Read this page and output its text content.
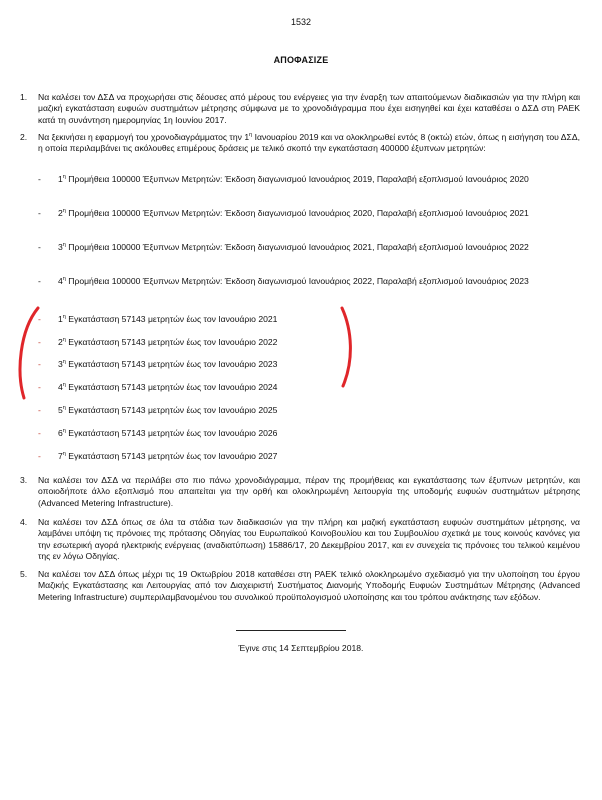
1532
ΑΠΟΦΑΣΙΖΕ
1. Να καλέσει τον ΔΣΔ να προχωρήσει στις δέουσες από μέρους του ενέργειες για την έναρξη των απαιτούμενων διαδικασιών για την πλήρη και μαζική εγκατάσταση ευφυών συστημάτων μέτρησης σύμφωνα με το χρονοδιάγραμμα που έχει εισηγηθεί και έχει καταθέσει ο ΔΣΔ στη ΡΑΕΚ κατά τη συνάντηση ημερομηνίας 1η Ιουνίου 2017.
2. Να ξεκινήσει η εφαρμογή του χρονοδιαγράμματος την $1^\eta$ Ιανουαρίου 2019 και να ολοκληρωθεί εντός 8 (οκτώ) ετών, όπως η εισήγηση του ΔΣΔ, η οποία περιλαμβάνει τις ακόλουθες επιμέρους δράσεις με τελικό σκοπό την εγκατάσταση 400000 έξυπνων μετρητών:
- $1^\eta$ Προμήθεια 100000 Έξυπνων Μετρητών: Έκδοση διαγωνισμού Ιανουάριος 2019, Παραλαβή εξοπλισμού Ιανουάριος 2020
- $2^\eta$ Προμήθεια 100000 Έξυπνων Μετρητών: Έκδοση διαγωνισμού Ιανουάριος 2020, Παραλαβή εξοπλισμού Ιανουάριος 2021
- $3^\eta$ Προμήθεια 100000 Έξυπνων Μετρητών: Έκδοση διαγωνισμού Ιανουάριος 2021, Παραλαβή εξοπλισμού Ιανουάριος 2022
- $4^\eta$ Προμήθεια 100000 Έξυπνων Μετρητών: Έκδοση διαγωνισμού Ιανουάριος 2022, Παραλαβή εξοπλισμού Ιανουάριος 2023
- $1^\eta$ Εγκατάσταση 57143 μετρητών έως τον Ιανουάριο 2021
- $2^\eta$ Εγκατάσταση 57143 μετρητών έως τον Ιανουάριο 2022
- $3^\eta$ Εγκατάσταση 57143 μετρητών έως τον Ιανουάριο 2023
- $4^\eta$ Εγκατάσταση 57143 μετρητών έως τον Ιανουάριο 2024
- $5^\eta$ Εγκατάσταση 57143 μετρητών έως τον Ιανουάριο 2025
- $6^\eta$ Εγκατάσταση 57143 μετρητών έως τον Ιανουάριο 2026
- $7^\eta$ Εγκατάσταση 57143 μετρητών έως τον Ιανουάριο 2027
3. Να καλέσει τον ΔΣΔ να περιλάβει στο πιο πάνω χρονοδιάγραμμα, πέραν της προμήθειας και εγκατάστασης των έξυπνων μετρητών, και οποιοδήποτε άλλο εξοπλισμό που απαιτείται για την ορθή και ολοκληρωμένη λειτουργία της υποδομής ευφυών συστημάτων μέτρησης (Advanced Metering Infrastructure).
4. Να καλέσει τον ΔΣΔ όπως σε όλα τα στάδια των διαδικασιών για την πλήρη και μαζική εγκατάσταση ευφυών συστημάτων μέτρησης, να λαμβάνει υπόψη τις πρόνοιες της πρότασης Οδηγίας του Ευρωπαϊκού Κοινοβουλίου και του Συμβουλίου σχετικά με τους κοινούς κανόνες για την εσωτερική αγορά ηλεκτρικής ενέργειας (αναδιατύπωση) 15886/17, 20 Δεκεμβρίου 2017, και εν συνεχεία τις πρόνοιες του τελικού κειμένου της εν λόγω Οδηγίας.
5. Να καλέσει τον ΔΣΔ όπως μέχρι τις 19 Οκτωβρίου 2018 καταθέσει στη ΡΑΕΚ τελικό ολοκληρωμένο σχεδιασμό για την υλοποίηση του έργου Μαζικής Εγκατάστασης και Λειτουργίας από τον Διαχειριστή Συστήματος Διανομής Υποδομής Ευφυών Συστημάτων Μέτρησης (Advanced Metering Infrastructure) συμπεριλαμβανομένου του συνολικού προϋπολογισμού υλοποίησης και του τρόπου ανάκτησης των εξόδων.
Έγινε στις 14 Σεπτεμβρίου 2018.
